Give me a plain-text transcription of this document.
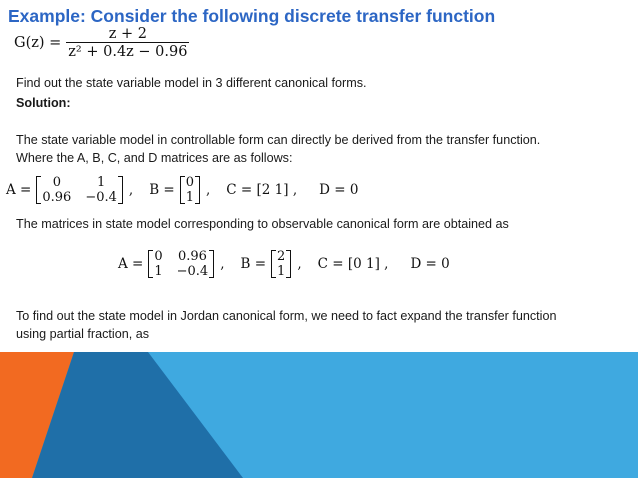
Example: Consider the following discrete transfer function
$G(z) = \frac{z + 2}{\text{z² + 0.4z − 0.96}}$
Find out the state variable model in 3 different canonical forms.
Solution:
The state variable model in controllable form can directly be derived from the transfer function.
Where the A, B, C, and D matrices are as follows:
A =	0	1
0.96 −0.4 , B = 0
1 , C = [2 1] , D = 0
The matrices in state model corresponding to observable canonical form are obtained as
A = 0 0.96
1 −0.4 , B = 2
1 , C = [0 1] , D = 0
To find out the state model in Jordan canonical form, we need to fact expand the transfer function
using partial fraction, as
